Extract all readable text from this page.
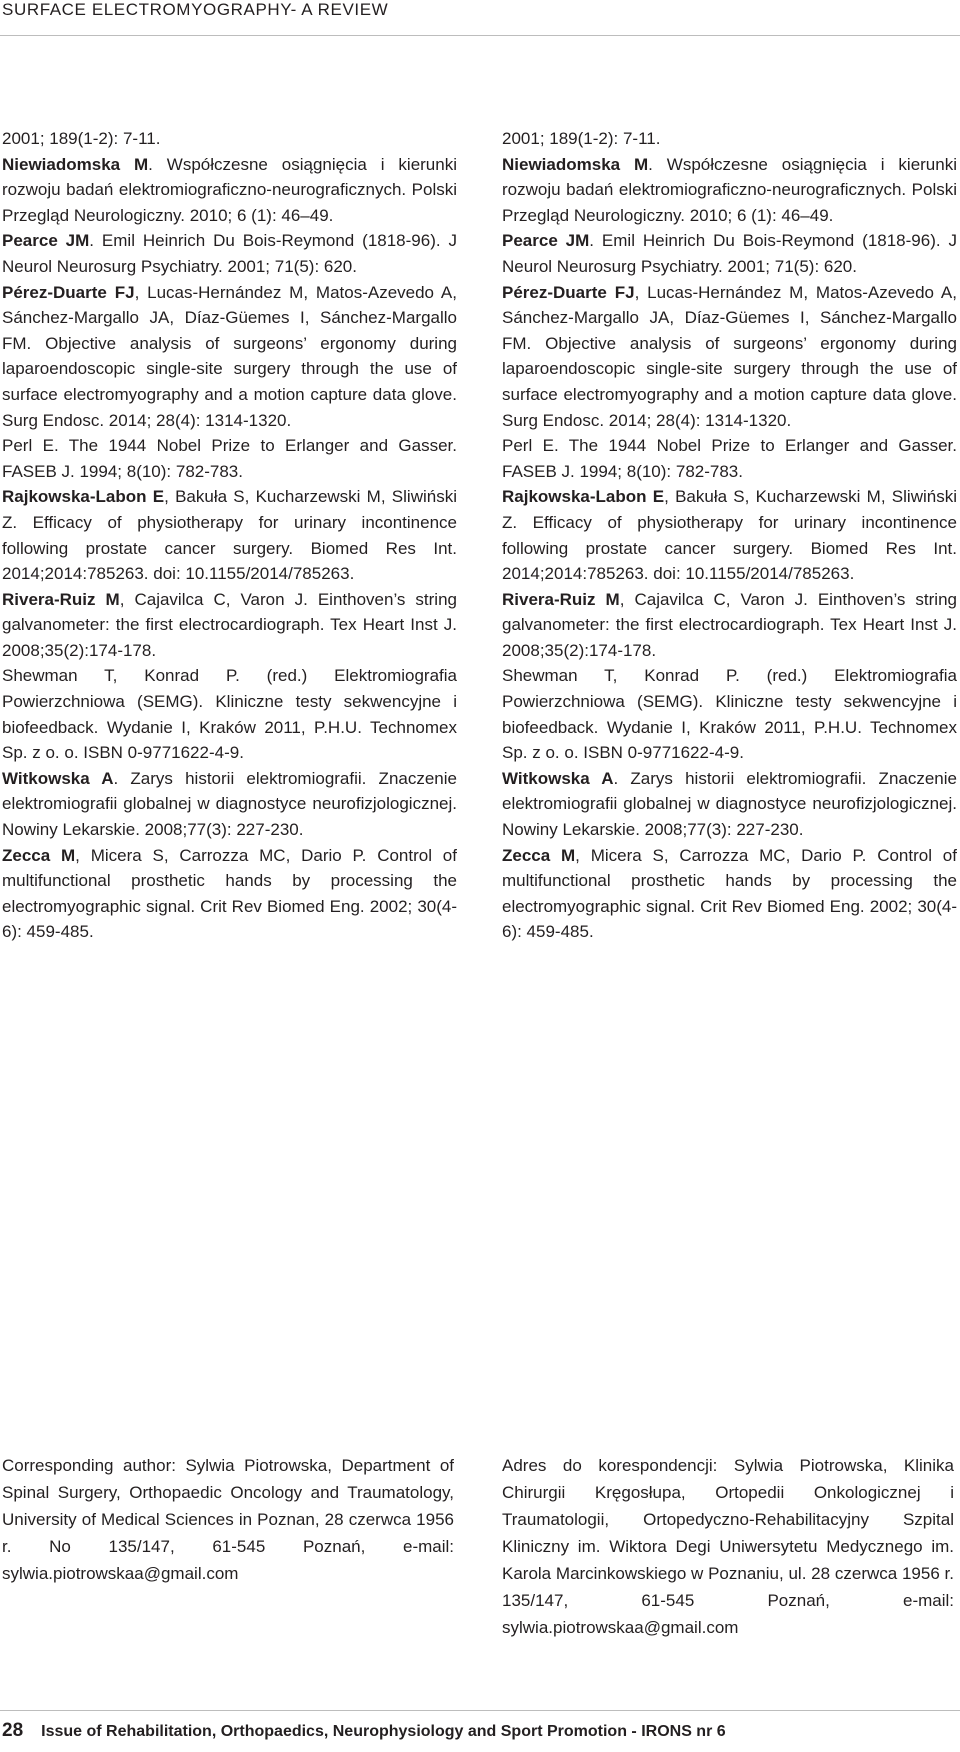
SURFACE ELECTROMYOGRAPHY- A REVIEW

2001; 189(1-2): 7-11.

Niewiadomska M. Współczesne osiągnięcia i kierunki rozwoju badań elektromiograficzno-neurograficznych. Polski Przegląd Neurologiczny. 2010; 6 (1): 46–49.

Pearce JM. Emil Heinrich Du Bois-Reymond (1818-96). J Neurol Neurosurg Psychiatry. 2001; 71(5): 620.

Pérez-Duarte FJ, Lucas-Hernández M, Matos-Azevedo A, Sánchez-Margallo JA, Díaz-Güemes I, Sánchez-Margallo FM. Objective analysis of surgeons’ ergonomy during laparoendoscopic single-site surgery through the use of surface electromyography and a motion capture data glove. Surg Endosc. 2014; 28(4): 1314-1320.

Perl E. The 1944 Nobel Prize to Erlanger and Gasser. FASEB J. 1994; 8(10): 782-783.

Rajkowska-Labon E, Bakuła S, Kucharzewski M, Sliwiński Z. Efficacy of physiotherapy for urinary incontinence following prostate cancer surgery. Biomed Res Int. 2014;2014:785263. doi: 10.1155/2014/785263.

Rivera-Ruiz M, Cajavilca C, Varon J. Einthoven’s string galvanometer: the first electrocardiograph. Tex Heart Inst J. 2008;35(2):174-178.

Shewman T, Konrad P. (red.) Elektromiografia Powierzchniowa (SEMG). Kliniczne testy sekwencyjne i biofeedback. Wydanie I, Kraków 2011, P.H.U. Technomex Sp. z o. o. ISBN 0-9771622-4-9.

Witkowska A. Zarys historii elektromiografii. Znaczenie elektromiografii globalnej w diagnostyce neurofizjologicznej. Nowiny Lekarskie. 2008;77(3): 227-230.

Zecca M, Micera S, Carrozza MC, Dario P. Control of multifunctional prosthetic hands by processing the electromyographic signal. Crit Rev Biomed Eng. 2002; 30(4-6): 459-485.

2001; 189(1-2): 7-11.

Niewiadomska M. Współczesne osiągnięcia i kierunki rozwoju badań elektromiograficzno-neurograficznych. Polski Przegląd Neurologiczny. 2010; 6 (1): 46–49.

Pearce JM. Emil Heinrich Du Bois-Reymond (1818-96). J Neurol Neurosurg Psychiatry. 2001; 71(5): 620.

Pérez-Duarte FJ, Lucas-Hernández M, Matos-Azevedo A, Sánchez-Margallo JA, Díaz-Güemes I, Sánchez-Margallo FM. Objective analysis of surgeons’ ergonomy during laparoendoscopic single-site surgery through the use of surface electromyography and a motion capture data glove. Surg Endosc. 2014; 28(4): 1314-1320.

Perl E. The 1944 Nobel Prize to Erlanger and Gasser. FASEB J. 1994; 8(10): 782-783.

Rajkowska-Labon E, Bakuła S, Kucharzewski M, Sliwiński Z. Efficacy of physiotherapy for urinary incontinence following prostate cancer surgery. Biomed Res Int. 2014;2014:785263. doi: 10.1155/2014/785263.

Rivera-Ruiz M, Cajavilca C, Varon J. Einthoven’s string galvanometer: the first electrocardiograph. Tex Heart Inst J. 2008;35(2):174-178.

Shewman T, Konrad P. (red.) Elektromiografia Powierzchniowa (SEMG). Kliniczne testy sekwencyjne i biofeedback. Wydanie I, Kraków 2011, P.H.U. Technomex Sp. z o. o. ISBN 0-9771622-4-9.

Witkowska A. Zarys historii elektromiografii. Znaczenie elektromiografii globalnej w diagnostyce neurofizjologicznej. Nowiny Lekarskie. 2008;77(3): 227-230.

Zecca M, Micera S, Carrozza MC, Dario P. Control of multifunctional prosthetic hands by processing the electromyographic signal. Crit Rev Biomed Eng. 2002; 30(4-6): 459-485.

Corresponding author: Sylwia Piotrowska, Department of Spinal Surgery, Orthopaedic Oncology and Traumatology, University of Medical Sciences in Poznan, 28 czerwca 1956 r. No 135/147, 61-545 Poznań, e-mail: sylwia.piotrowskaa@gmail.com
Adres do korespondencji: Sylwia Piotrowska, Klinika Chirurgii Kręgosłupa, Ortopedii Onkologicznej i Traumatologii, Ortopedyczno-Rehabilitacyjny Szpital Kliniczny im. Wiktora Degi Uniwersytetu Medycznego im. Karola Marcinkowskiego w Poznaniu, ul. 28 czerwca 1956 r. 135/147, 61-545 Poznań, e-mail: sylwia.piotrowskaa@gmail.com
28 Issue of Rehabilitation, Orthopaedics, Neurophysiology and Sport Promotion - IRONS nr 6
